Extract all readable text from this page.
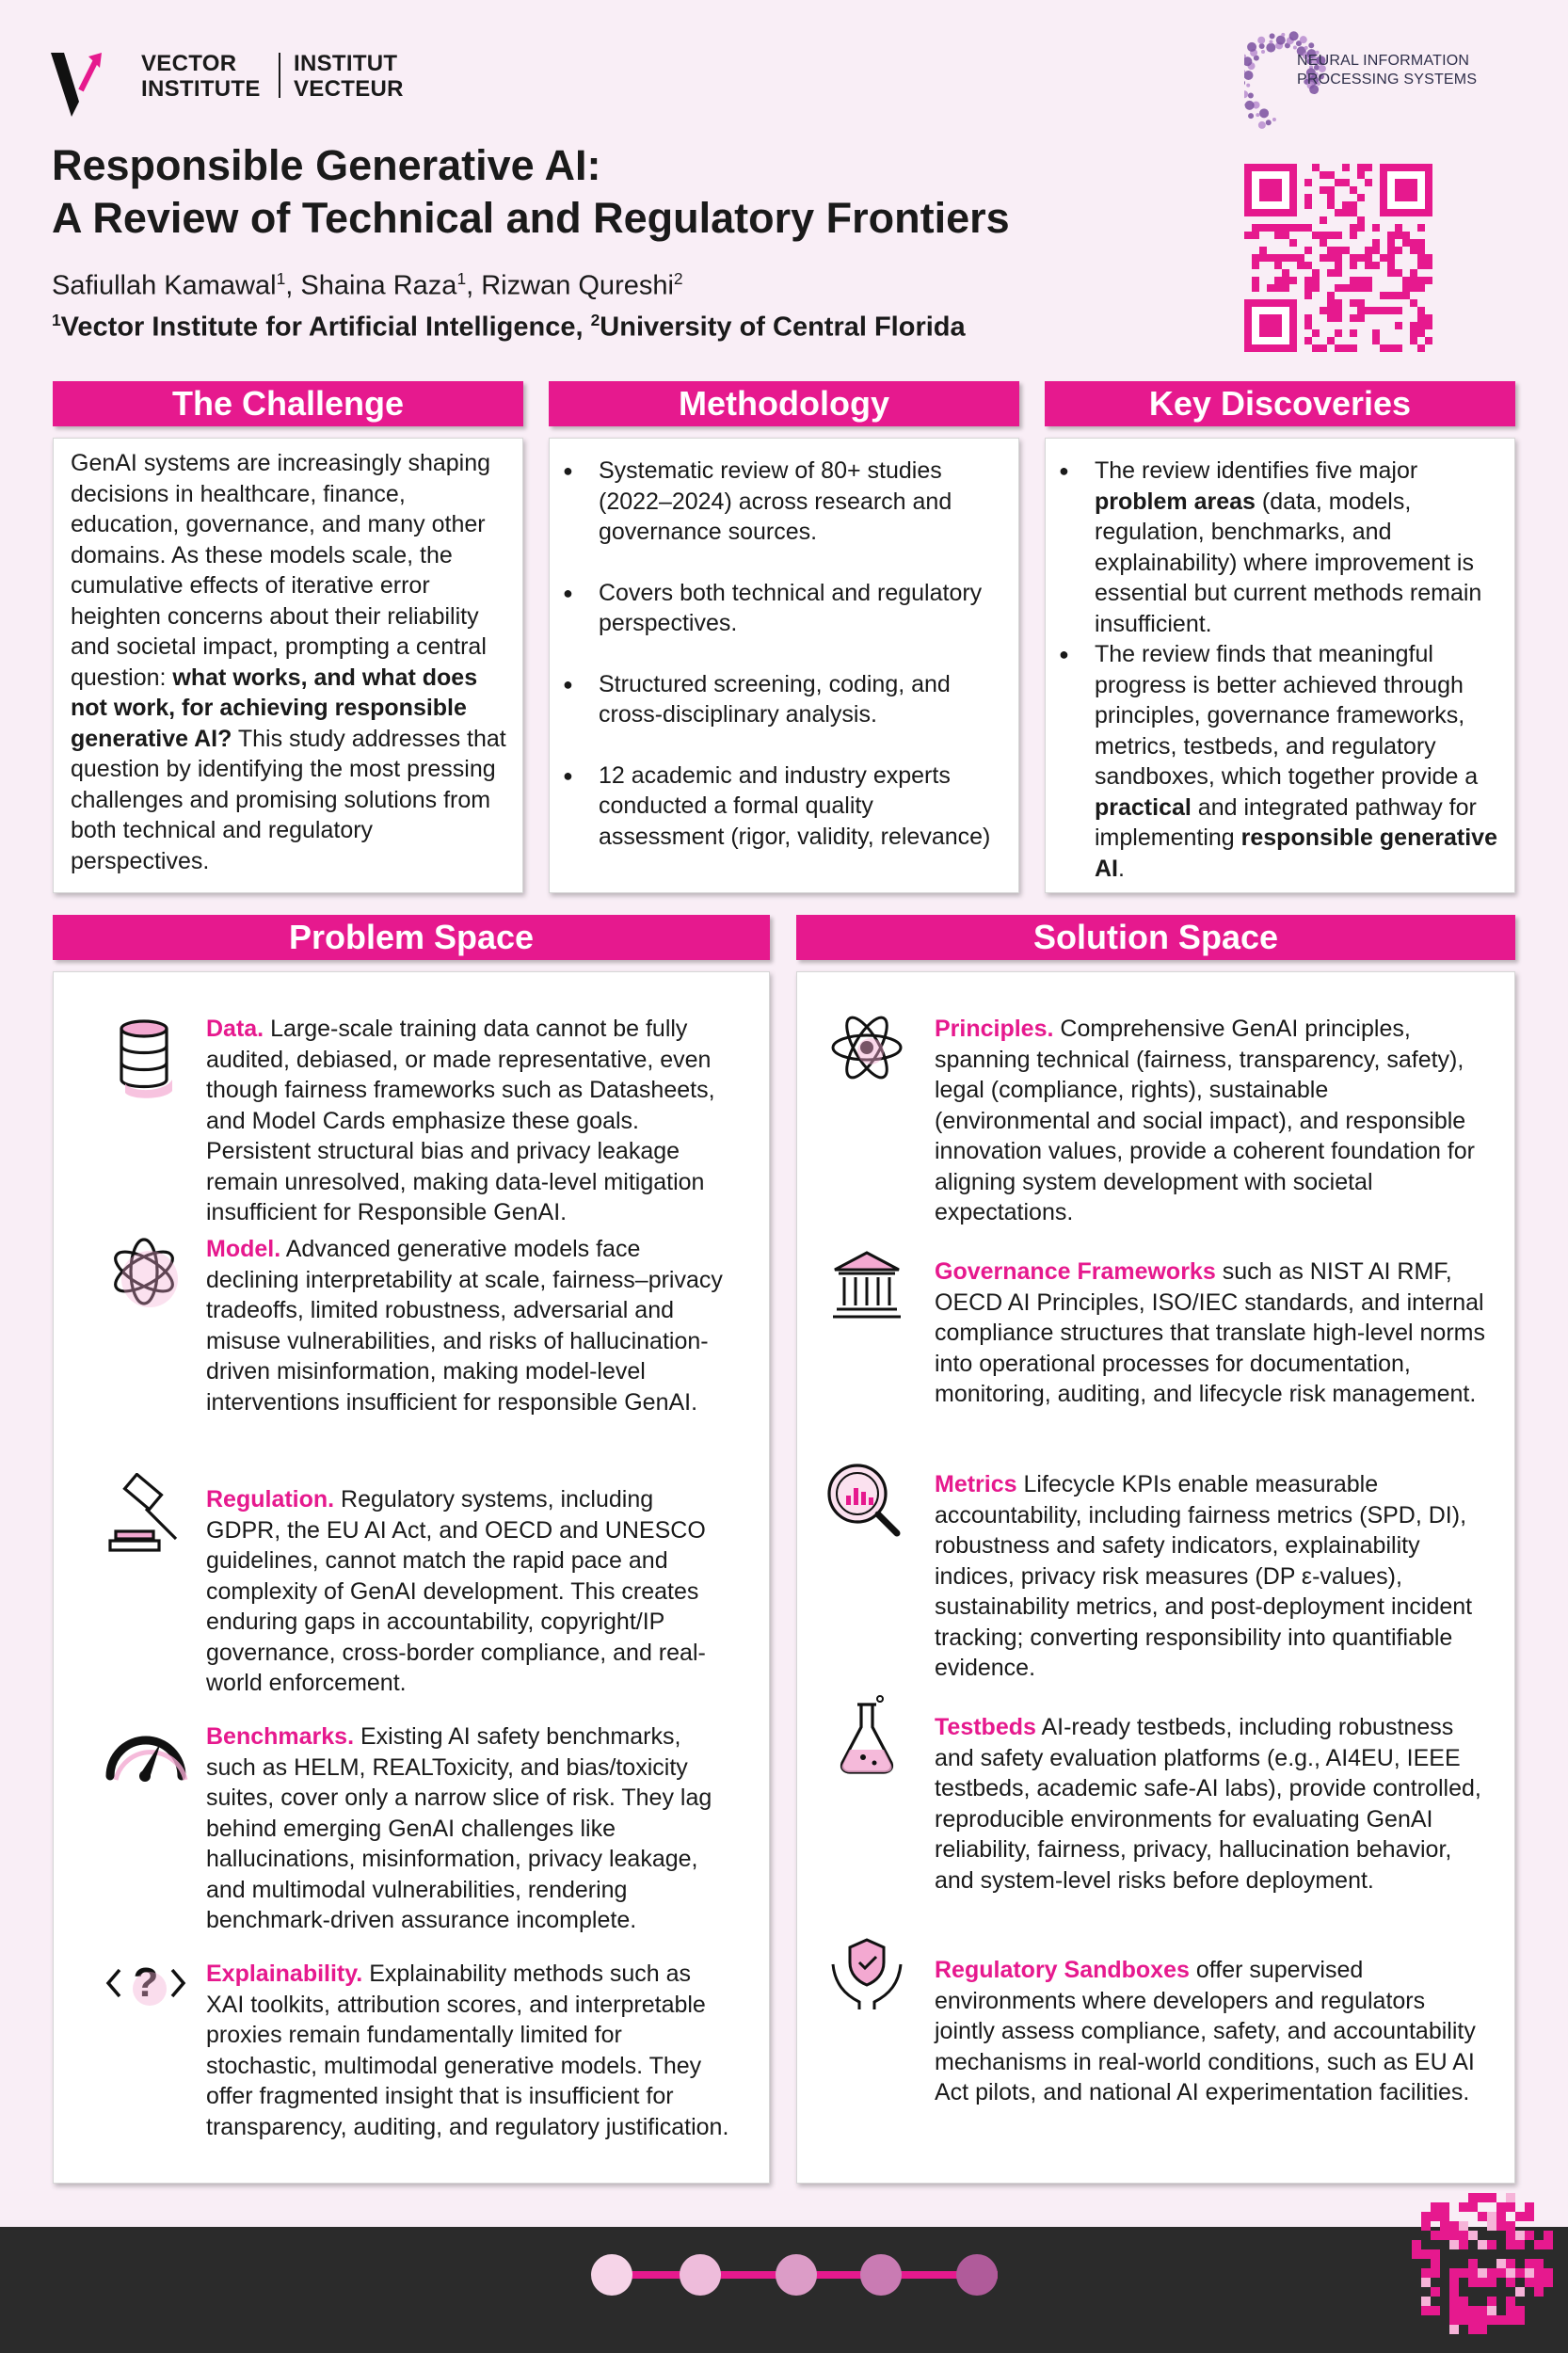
VECTOR
INSTITUTE
INSTITUT
VECTEUR
NEURAL INFORMATION
PROCESSING SYSTEMS
Responsible Generative AI:
A Review of Technical and Regulatory Frontiers
Safiullah Kamawal$^1$, Shaina Raza$^1$, Rizwan Qureshi$^2$
$^1$Vector Institute for Artificial Intelligence, $^2$University of Central Florida
The Challenge	Methodology	Key Discoveries
GenAI systems are increasingly shaping decisions in healthcare, finance, education, governance, and many other domains. As these models scale, the cumulative effects of iterative error heighten concerns about their reliability and societal impact, prompting a central question: what works, and what does not work, for achieving responsible generative AI? This study addresses that question by identifying the most pressing challenges and promising solutions from both technical and regulatory perspectives.
● Systematic review of 80+ studies (2022–2024) across research and governance sources.
● Covers both technical and regulatory perspectives.
● Structured screening, coding, and cross-disciplinary analysis.
● 12 academic and industry experts conducted a formal quality assessment (rigor, validity, relevance)
● The review identifies five major problem areas (data, models, regulation, benchmarks, and explainability) where improvement is essential but current methods remain insufficient.
● The review finds that meaningful progress is better achieved through principles, governance frameworks, metrics, testbeds, and regulatory sandboxes, which together provide a practical and integrated pathway for implementing responsible generative AI.
Problem Space	Solution Space
Data. Large-scale training data cannot be fully audited, debiased, or made representative, even though fairness frameworks such as Datasheets, and Model Cards emphasize these goals. Persistent structural bias and privacy leakage remain unresolved, making data-level mitigation insufficient for Responsible GenAI.
Model. Advanced generative models face declining interpretability at scale, fairness–privacy tradeoffs, limited robustness, adversarial and misuse vulnerabilities, and risks of hallucination-driven misinformation, making model-level interventions insufficient for responsible GenAI.
Regulation. Regulatory systems, including GDPR, the EU AI Act, and OECD and UNESCO guidelines, cannot match the rapid pace and complexity of GenAI development. This creates enduring gaps in accountability, copyright/IP governance, cross-border compliance, and real-world enforcement.
Benchmarks. Existing AI safety benchmarks, such as HELM, REALToxicity, and bias/toxicity suites, cover only a narrow slice of risk. They lag behind emerging GenAI challenges like hallucinations, misinformation, privacy leakage, and multimodal vulnerabilities, rendering benchmark-driven assurance incomplete.
? Explainability. Explainability methods such as XAI toolkits, attribution scores, and interpretable proxies remain fundamentally limited for stochastic, multimodal generative models. They offer fragmented insight that is insufficient for transparency, auditing, and regulatory justification.
Principles. Comprehensive GenAI principles, spanning technical (fairness, transparency, safety), legal (compliance, rights), sustainable (environmental and social impact), and responsible innovation values, provide a coherent foundation for aligning system development with societal expectations.
Governance Frameworks such as NIST AI RMF, OECD AI Principles, ISO/IEC standards, and internal compliance structures that translate high-level norms into operational processes for documentation, monitoring, auditing, and lifecycle risk management.
Metrics Lifecycle KPIs enable measurable accountability, including fairness metrics (SPD, DI), robustness and safety indicators, explainability indices, privacy risk measures (DP ε-values), sustainability metrics, and post-deployment incident tracking; converting responsibility into quantifiable evidence.
Testbeds AI-ready testbeds, including robustness and safety evaluation platforms (e.g., AI4EU, IEEE testbeds, academic safe-AI labs), provide controlled, reproducible environments for evaluating GenAI reliability, fairness, privacy, hallucination behavior, and system-level risks before deployment.
Regulatory Sandboxes offer supervised environments where developers and regulators jointly assess compliance, safety, and accountability mechanisms in real-world conditions, such as EU AI Act pilots, and national AI experimentation facilities.
